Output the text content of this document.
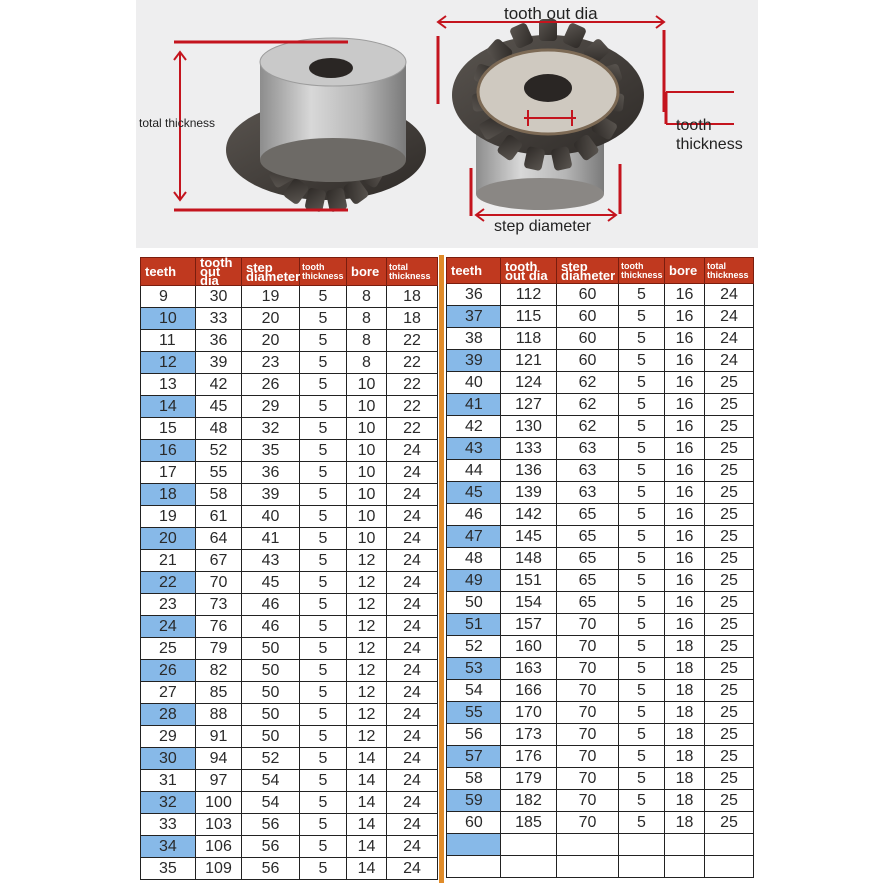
total thickness
tooth out dia
tooth
thickness
step diameter
teeth	tooth out dia	step diameter	tooth thickness	bore	total thickness
9	30	19	5	8	18
10	33	20	5	8	18
11	36	20	5	8	22
12	39	23	5	8	22
13	42	26	5	10	22
14	45	29	5	10	22
15	48	32	5	10	22
16	52	35	5	10	24
17	55	36	5	10	24
18	58	39	5	10	24
19	61	40	5	10	24
20	64	41	5	10	24
21	67	43	5	12	24
22	70	45	5	12	24
23	73	46	5	12	24
24	76	46	5	12	24
25	79	50	5	12	24
26	82	50	5	12	24
27	85	50	5	12	24
28	88	50	5	12	24
29	91	50	5	12	24
30	94	52	5	14	24
31	97	54	5	14	24
32	100	54	5	14	24
33	103	56	5	14	24
34	106	56	5	14	24
35	109	56	5	14	24
teeth	tooth out dia	step diameter	tooth thickness	bore	total thickness
36	112	60	5	16	24
37	115	60	5	16	24
38	118	60	5	16	24
39	121	60	5	16	24
40	124	62	5	16	25
41	127	62	5	16	25
42	130	62	5	16	25
43	133	63	5	16	25
44	136	63	5	16	25
45	139	63	5	16	25
46	142	65	5	16	25
47	145	65	5	16	25
48	148	65	5	16	25
49	151	65	5	16	25
50	154	65	5	16	25
51	157	70	5	16	25
52	160	70	5	18	25
53	163	70	5	18	25
54	166	70	5	18	25
55	170	70	5	18	25
56	173	70	5	18	25
57	176	70	5	18	25
58	179	70	5	18	25
59	182	70	5	18	25
60	185	70	5	18	25
